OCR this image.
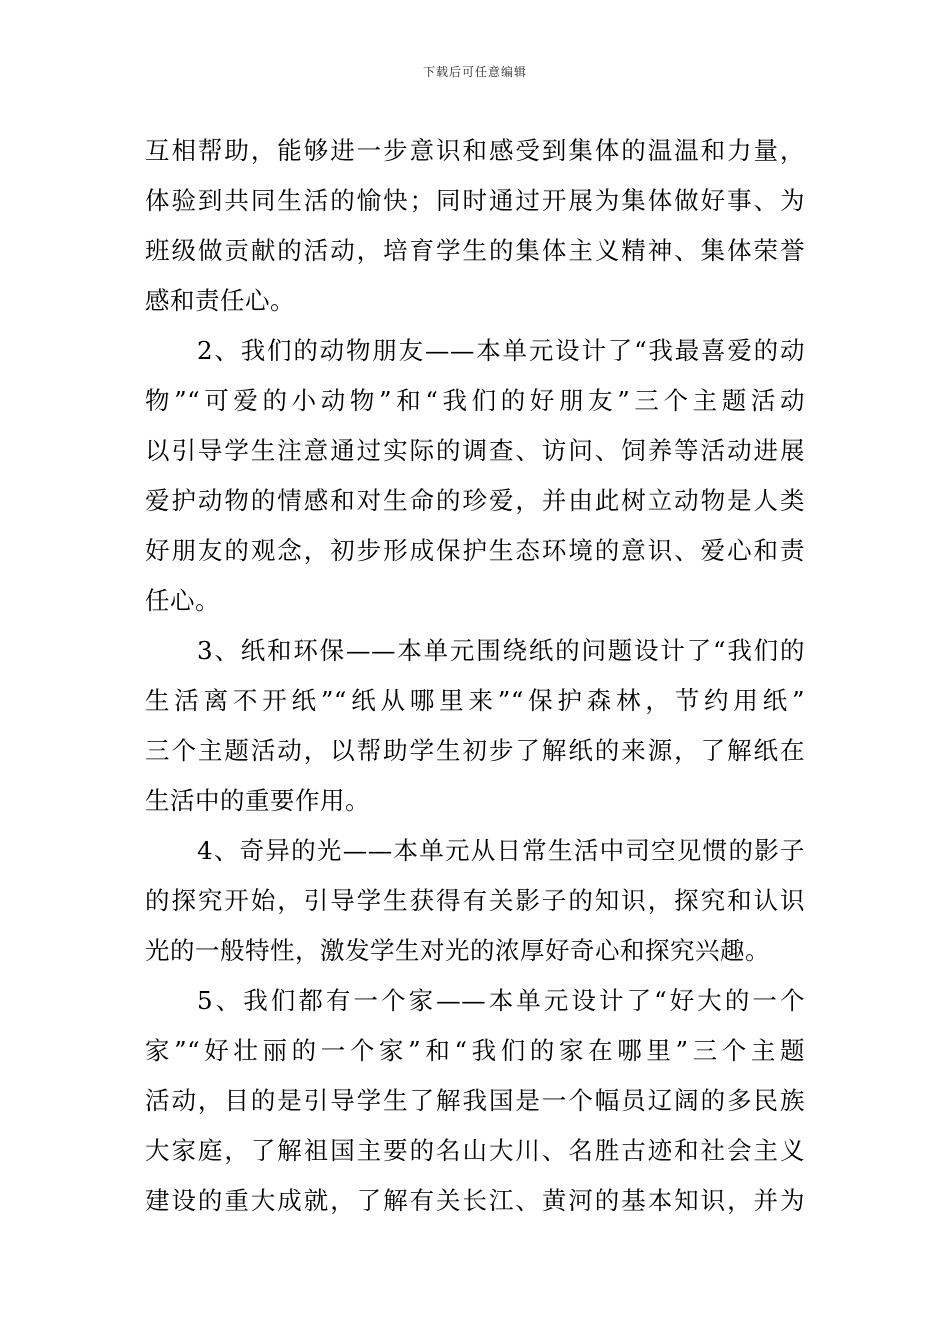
下载后可任意编辑
互相帮助，能够进一步意识和感受到集体的温温和力量，
体验到共同生活的愉快；同时通过开展为集体做好事、为
班级做贡献的活动，培育学生的集体主义精神、集体荣誉
感和责任心。
2、我们的动物朋友——本单元设计了“我最喜爱的动
物”“可爱的小动物”和“我们的好朋友”三个主题活动
以引导学生注意通过实际的调查、访问、饲养等活动进展
爱护动物的情感和对生命的珍爱，并由此树立动物是人类
好朋友的观念，初步形成保护生态环境的意识、爱心和责
任心。
3、纸和环保——本单元围绕纸的问题设计了“我们的
生活离不开纸”“纸从哪里来”“保护森林，节约用纸”
三个主题活动，以帮助学生初步了解纸的来源，了解纸在
生活中的重要作用。
4、奇异的光——本单元从日常生活中司空见惯的影子
的探究开始，引导学生获得有关影子的知识，探究和认识
光的一般特性，激发学生对光的浓厚好奇心和探究兴趣。
5、我们都有一个家——本单元设计了“好大的一个
家”“好壮丽的一个家”和“我们的家在哪里”三个主题
活动，目的是引导学生了解我国是一个幅员辽阔的多民族
大家庭，了解祖国主要的名山大川、名胜古迹和社会主义
建设的重大成就，了解有关长江、黄河的基本知识，并为
